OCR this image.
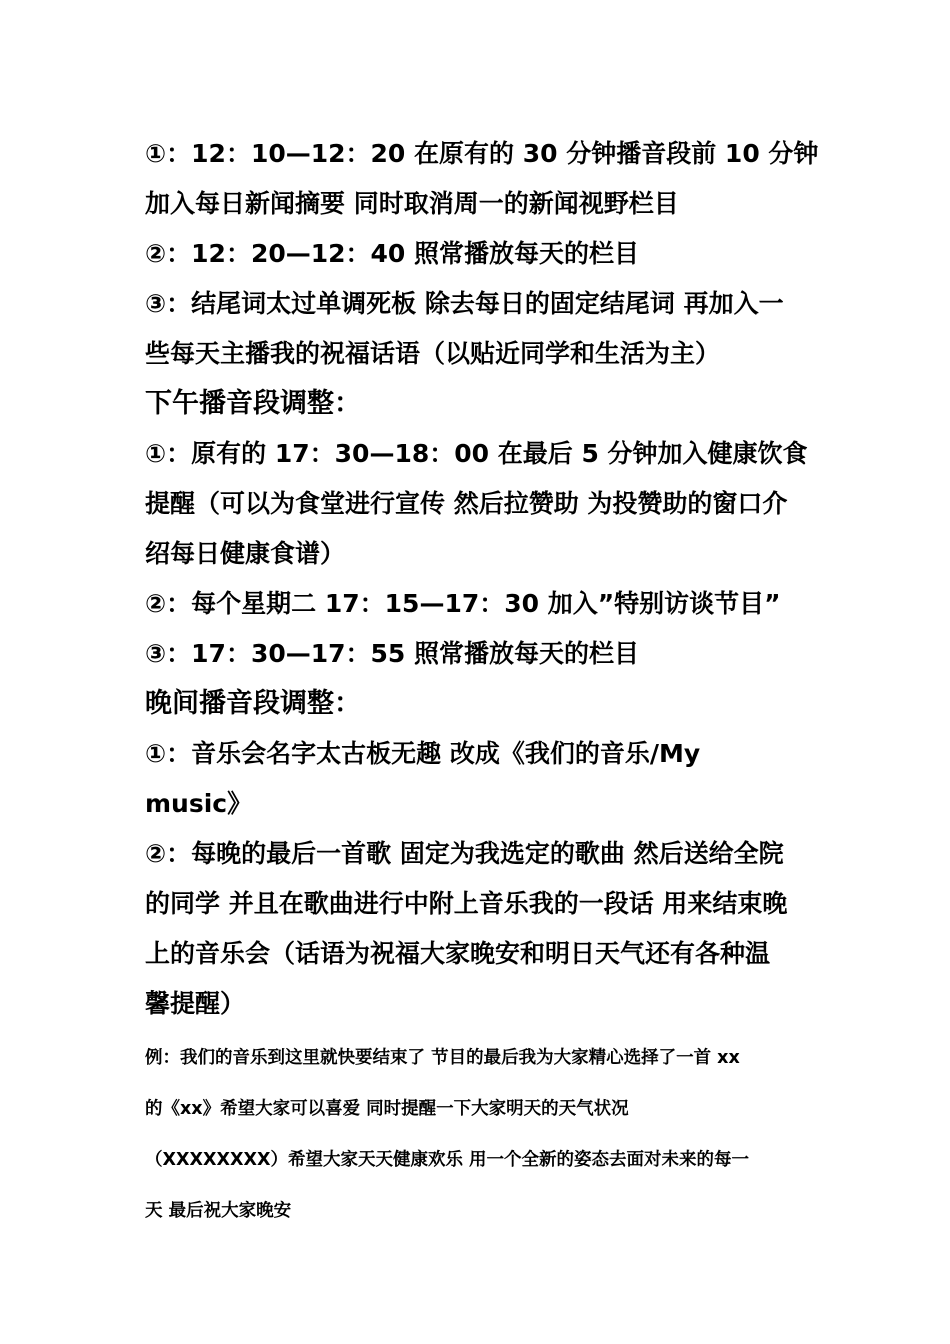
①：12：10—12：20 在原有的 30 分钟播音段前 10 分钟
加入每日新闻摘要 同时取消周一的新闻视野栏目
②：12：20—12：40 照常播放每天的栏目
③：结尾词太过单调死板 除去每日的固定结尾词 再加入一
些每天主播我的祝福话语（以贴近同学和生活为主）
下午播音段调整：
①：原有的 17：30—18：00 在最后 5 分钟加入健康饮食
提醒（可以为食堂进行宣传 然后拉赞助 为投赞助的窗口介
绍每日健康食谱）
②：每个星期二 17：15—17：30 加入”特别访谈节目”
③：17：30—17：55 照常播放每天的栏目
晚间播音段调整：
①：音乐会名字太古板无趣 改成《我们的音乐/My
music》
②：每晚的最后一首歌 固定为我选定的歌曲 然后送给全院
的同学 并且在歌曲进行中附上音乐我的一段话 用来结束晚
上的音乐会（话语为祝福大家晚安和明日天气还有各种温
馨提醒）
例：我们的音乐到这里就快要结束了 节目的最后我为大家精心选择了一首 xx
的《xx》希望大家可以喜爱 同时提醒一下大家明天的天气状况
（XXXXXXXX）希望大家天天健康欢乐 用一个全新的姿态去面对未来的每一
天 最后祝大家晚安
